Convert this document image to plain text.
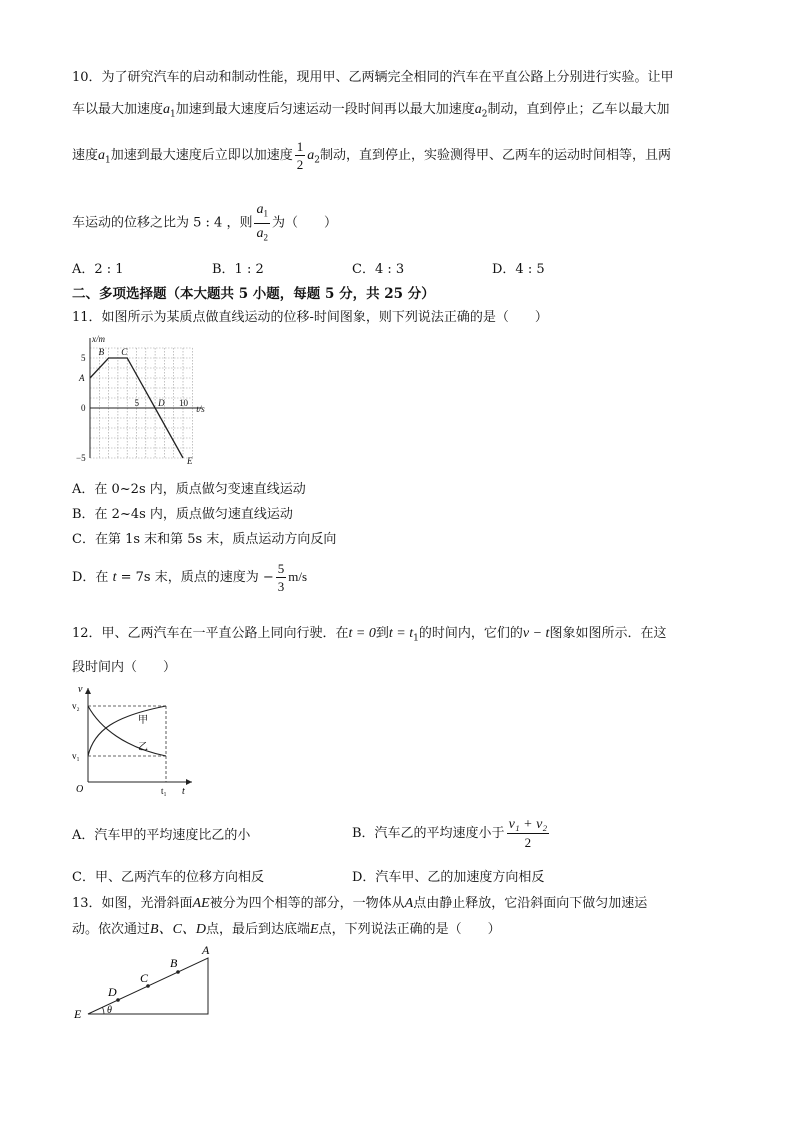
10．为了研究汽车的启动和制动性能，现用甲、乙两辆完全相同的汽车在平直公路上分别进行实验。让甲
车以最大加速度$a_1$加速到最大速度后匀速运动一段时间再以最大加速度$a_2$制动，直到停止；乙车以最大加
速度$a_1$加速到最大速度后立即以加速度 $\frac{1}{2} a_2$制动，直到停止，实验测得甲、乙两车的运动时间相等，且两
车运动的位移之比为 5 : 4 ，则 $\frac{a_1}{a_2}$ 为（　　）
A．2 : 1	B．1 : 2	C．4 : 3	D．4 : 5
二、多项选择题（本大题共 5 小题，每题 5 分，共 25 分）
11．如图所示为某质点做直线运动的位移-时间图象，则下列说法正确的是（　　）
x/m
t/s
5
0
−5
5	10
A
B C
D
E
A．在 0~2s 内，质点做匀变速直线运动
B．在 2~4s 内，质点做匀速直线运动
C．在第 1s 末和第 5s 末，质点运动方向反向
D．在 t = 7s 末，质点的速度为 − $\frac{5}{3} m/s$
12．甲、乙两汽车在一平直公路上同向行驶．在t = 0到$t = t_1$的时间内，它们的v − t图象如图所示．在这
段时间内（　　）
v
v₂
v₁
O	t₁ t
甲
乙
A．汽车甲的平均速度比乙的小	B．汽车乙的平均速度小于 $\frac{\text{v₁ + v₂}}{2}$
C．甲、乙两汽车的位移方向相反	D．汽车甲、乙的加速度方向相反
13．如图，光滑斜面AE被分为四个相等的部分，一物体从A点由静止释放，它沿斜面向下做匀加速运
动。依次通过B、C、D点，最后到达底端E点，下列说法正确的是（　　）
A
B
C
D
E	θ
